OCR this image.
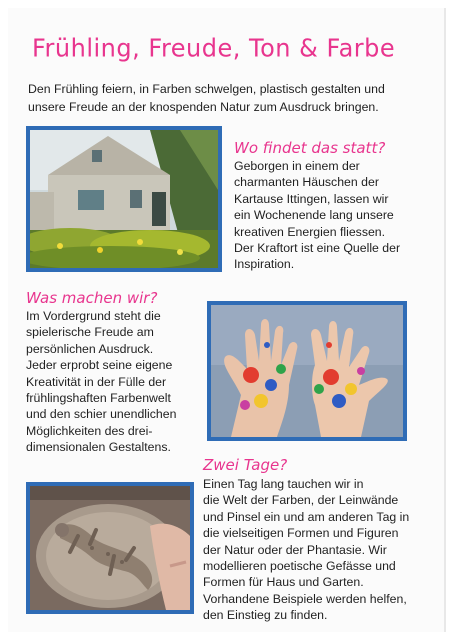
Frühling, Freude, Ton & Farbe
Den Frühling feiern, in Farben schwelgen, plastisch gestalten und unsere Freude an der knospenden Natur zum Ausdruck bringen.
Wo findet das statt?
Geborgen in einem der
charmanten Häuschen der
Kartause Ittingen, lassen wir
ein Wochenende lang unsere
kreativen Energien fliessen.
Der Kraftort ist eine Quelle der
Inspiration.
Was machen wir?
Im Vordergrund steht die
spielerische Freude am
persönlichen Ausdruck.
Jeder erprobt seine eigene
Kreativität in der Fülle der
frühlingshaften Farbenwelt
und den schier unendlichen
Möglichkeiten des drei-
dimensionalen Gestaltens.
Zwei Tage?
Einen Tag lang tauchen wir in
die Welt der Farben, der Leinwände
und Pinsel ein und am anderen Tag in
die vielseitigen Formen und Figuren
der Natur oder der Phantasie. Wir
modellieren poetische Gefässe und
Formen für Haus und Garten.
Vorhandene Beispiele werden helfen,
den Einstieg zu finden.
